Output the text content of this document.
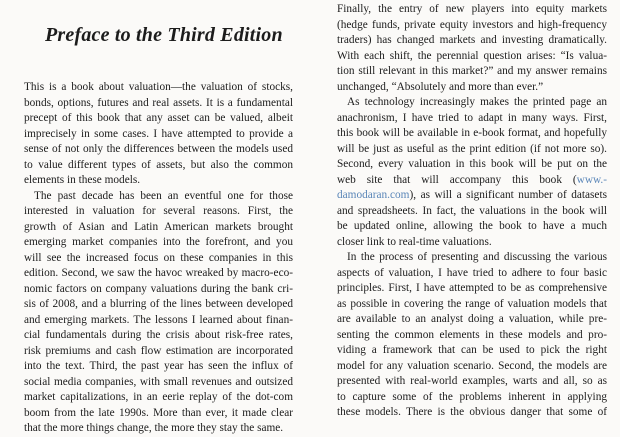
Preface to the Third Edition
This is a book about valuation—the valuation of stocks,
bonds, options, futures and real assets. It is a fundamental
precept of this book that any asset can be valued, albeit
imprecisely in some cases. I have attempted to provide a
sense of not only the differences between the models used
to value different types of assets, but also the common
elements in these models.
The past decade has been an eventful one for those
interested in valuation for several reasons. First, the
growth of Asian and Latin American markets brought
emerging market companies into the forefront, and you
will see the increased focus on these companies in this
edition. Second, we saw the havoc wreaked by macro-eco-
nomic factors on company valuations during the bank cri-
sis of 2008, and a blurring of the lines between developed
and emerging markets. The lessons I learned about finan-
cial fundamentals during the crisis about risk-free rates,
risk premiums and cash flow estimation are incorporated
into the text. Third, the past year has seen the influx of
social media companies, with small revenues and outsized
market capitalizations, in an eerie replay of the dot-com
boom from the late 1990s. More than ever, it made clear
that the more things change, the more they stay the same.
Finally, the entry of new players into equity markets
(hedge funds, private equity investors and high-frequency
traders) has changed markets and investing dramatically.
With each shift, the perennial question arises: “Is valua-
tion still relevant in this market?” and my answer remains
unchanged, “Absolutely and more than ever.”
As technology increasingly makes the printed page an
anachronism, I have tried to adapt in many ways. First,
this book will be available in e-book format, and hopefully
will be just as useful as the print edition (if not more so).
Second, every valuation in this book will be put on the
web site that will accompany this book (www.-
damodaran.com), as will a significant number of datasets
and spreadsheets. In fact, the valuations in the book will
be updated online, allowing the book to have a much
closer link to real-time valuations.
In the process of presenting and discussing the various
aspects of valuation, I have tried to adhere to four basic
principles. First, I have attempted to be as comprehensive
as possible in covering the range of valuation models that
are available to an analyst doing a valuation, while pre-
senting the common elements in these models and pro-
viding a framework that can be used to pick the right
model for any valuation scenario. Second, the models are
presented with real-world examples, warts and all, so as
to capture some of the problems inherent in applying
these models. There is the obvious danger that some of
